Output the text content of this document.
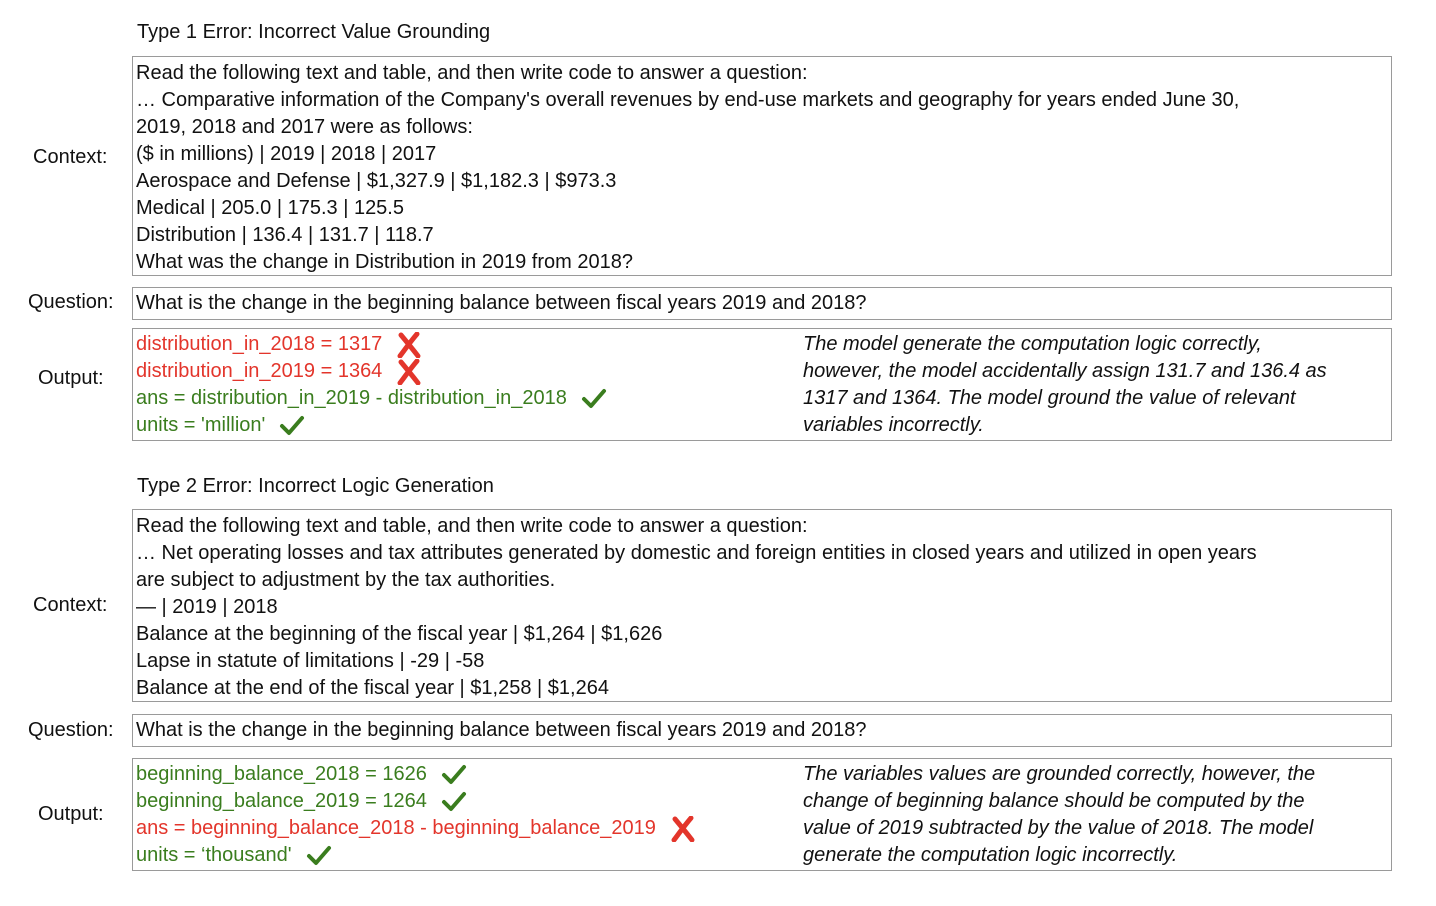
Type 1 Error: Incorrect Value Grounding
Context:
Read the following text and table, and then write code to answer a question:
… Comparative information of the Company's overall revenues by end-use markets and geography for years ended June 30,
2019, 2018 and 2017 were as follows:
($ in millions) | 2019 | 2018 | 2017
Aerospace and Defense | $1,327.9 | $1,182.3 | $973.3
Medical | 205.0 | 175.3 | 125.5
Distribution | 136.4 | 131.7 | 118.7
What was the change in Distribution in 2019 from 2018?
Question: What is the change in the beginning balance between fiscal years 2019 and 2018?
Output:
distribution_in_2018 = 1317
distribution_in_2019 = 1364
ans = distribution_in_2019 - distribution_in_2018
units = 'million'
The model generate the computation logic correctly,
however, the model accidentally assign 131.7 and 136.4 as
1317 and 1364. The model ground the value of relevant
variables incorrectly.
Type 2 Error: Incorrect Logic Generation
Context:
Read the following text and table, and then write code to answer a question:
… Net operating losses and tax attributes generated by domestic and foreign entities in closed years and utilized in open years
are subject to adjustment by the tax authorities.
— | 2019 | 2018
Balance at the beginning of the fiscal year | $1,264 | $1,626
Lapse in statute of limitations | -29 | -58
Balance at the end of the fiscal year | $1,258 | $1,264
Question: What is the change in the beginning balance between fiscal years 2019 and 2018?
Output:
beginning_balance_2018 = 1626
beginning_balance_2019 = 1264
ans = beginning_balance_2018 - beginning_balance_2019
units = ‘thousand'
The variables values are grounded correctly, however, the
change of beginning balance should be computed by the
value of 2019 subtracted by the value of 2018. The model
generate the computation logic incorrectly.
